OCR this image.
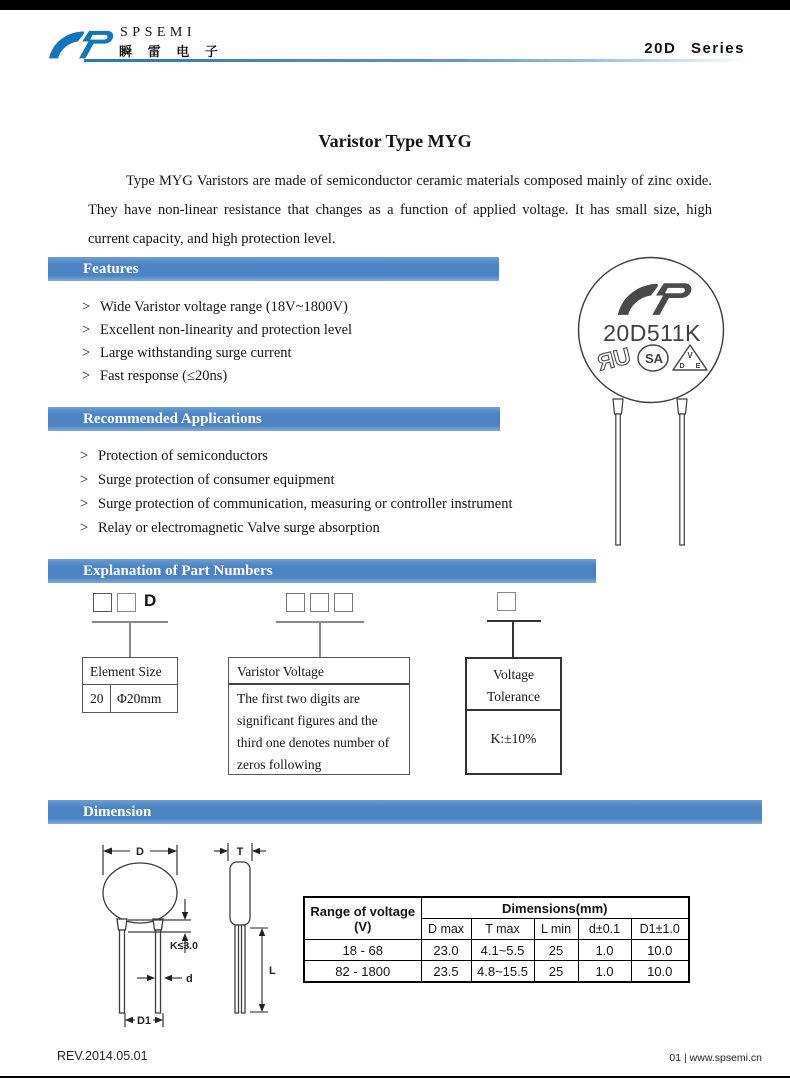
SPSEMI
瞬 雷 电 子	20D Series
Varistor Type MYG
Type MYG Varistors are made of semiconductor ceramic materials composed mainly of zinc oxide. They have non-linear resistance that changes as a function of applied voltage. It has small size, high current capacity, and high protection level.
Features
> Wide Varistor voltage range (18V~1800V)
> Excellent non-linearity and protection level
> Large withstanding surge current
> Fast response (≤20ns)
20D511K
ЯU SA	V
D E
Recommended Applications
> Protection of semiconductors
> Surge protection of consumer equipment
> Surge protection of communication, measuring or controller instrument
> Relay or electromagnetic Valve surge absorption
Explanation of Part Numbers
D
Element Size
20	Φ20mm
Varistor Voltage
The first two digits are significant figures and the third one denotes number of zeros following
Voltage
Tolerance
K:±10%
Dimension
D	T
K≤3.0
d
D1
L
Range of voltage
(V)	Dimensions(mm)				
	D max	T max	L min	d±0.1	D1±1.0
18 - 68	23.0	4.1~5.5	25	1.0	10.0
82 - 1800	23.5	4.8~15.5	25	1.0	10.0
REV.2014.05.01	01 | www.spsemi.cn
